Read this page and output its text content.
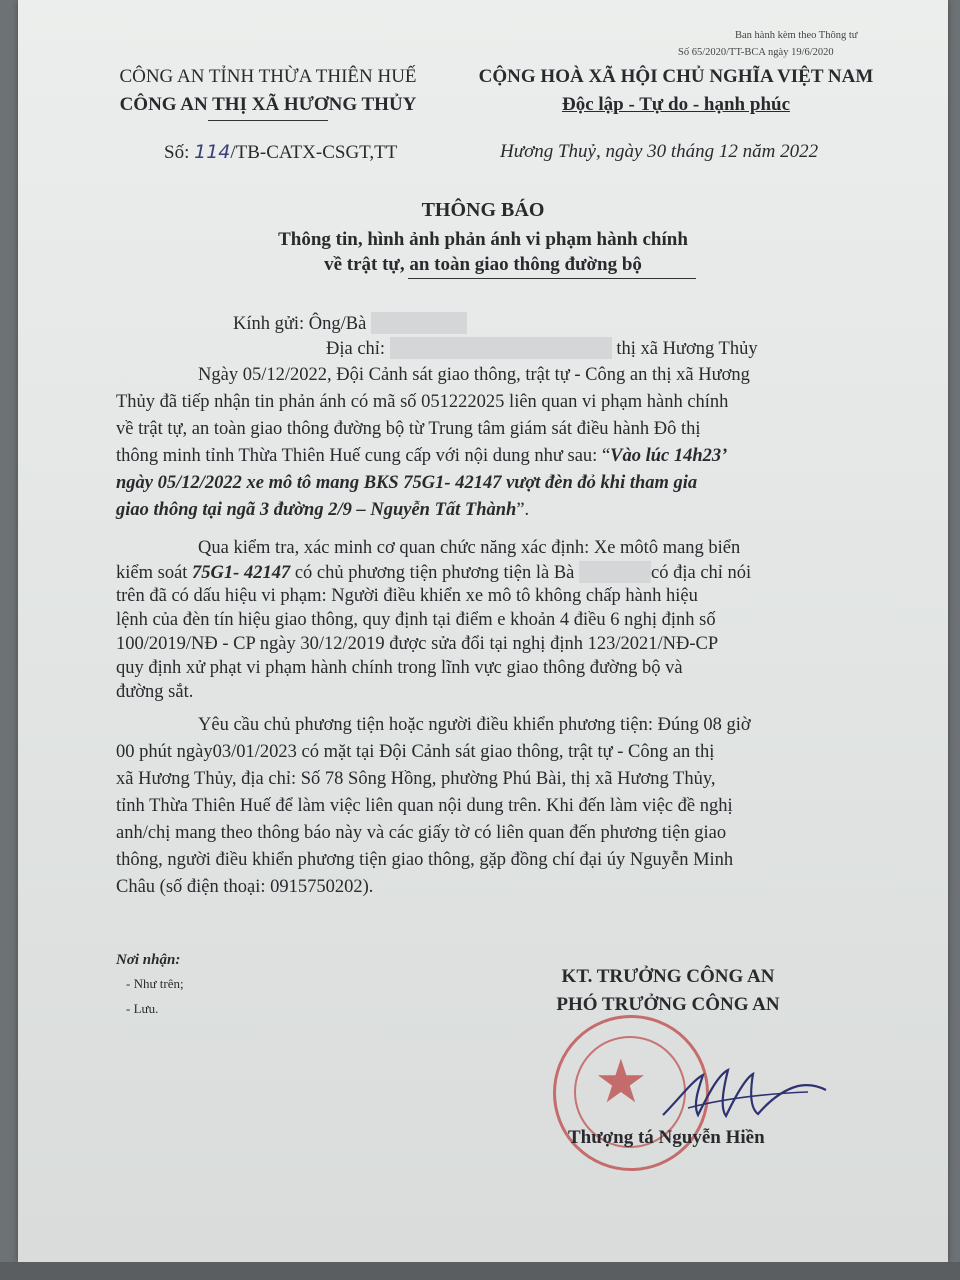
Ban hành kèm theo Thông tư
Số 65/2020/TT-BCA ngày 19/6/2020
CÔNG AN TỈNH THỪA THIÊN HUẾ
CÔNG AN THỊ XÃ HƯƠNG THỦY
Số: 114/TB-CATX-CSGT,TT
CỘNG HOÀ XÃ HỘI CHỦ NGHĨA VIỆT NAM
Độc lập - Tự do - hạnh phúc
Hương Thuỷ, ngày 30 tháng 12 năm 2022
THÔNG BÁO
Thông tin, hình ảnh phản ánh vi phạm hành chính
về trật tự, an toàn giao thông đường bộ
Kính gửi: Ông/Bà
Địa chỉ:	thị xã Hương Thủy
Ngày 05/12/2022, Đội Cảnh sát giao thông, trật tự - Công an thị xã Hương
Thủy đã tiếp nhận tin phản ánh có mã số 051222025 liên quan vi phạm hành chính
về trật tự, an toàn giao thông đường bộ từ Trung tâm giám sát điều hành Đô thị
thông minh tỉnh Thừa Thiên Huế cung cấp với nội dung như sau: “Vào lúc 14h23’
ngày 05/12/2022 xe mô tô mang BKS 75G1- 42147 vượt đèn đỏ khi tham gia
giao thông tại ngã 3 đường 2/9 – Nguyễn Tất Thành”.
Qua kiểm tra, xác minh cơ quan chức năng xác định: Xe môtô mang biển
kiểm soát 75G1- 42147 có chủ phương tiện phương tiện là Bà	có địa chỉ nói
trên đã có dấu hiệu vi phạm: Người điều khiển xe mô tô không chấp hành hiệu
lệnh của đèn tín hiệu giao thông, quy định tại điểm e khoản 4 điều 6 nghị định số
100/2019/NĐ - CP ngày 30/12/2019 được sửa đổi tại nghị định 123/2021/NĐ-CP
quy định xử phạt vi phạm hành chính trong lĩnh vực giao thông đường bộ và
đường sắt.
Yêu cầu chủ phương tiện hoặc người điều khiển phương tiện: Đúng 08 giờ
00 phút ngày03/01/2023 có mặt tại Đội Cảnh sát giao thông, trật tự - Công an thị
xã Hương Thủy, địa chỉ: Số 78 Sông Hồng, phường Phú Bài, thị xã Hương Thủy,
tỉnh Thừa Thiên Huế để làm việc liên quan nội dung trên. Khi đến làm việc đề nghị
anh/chị mang theo thông báo này và các giấy tờ có liên quan đến phương tiện giao
thông, người điều khiển phương tiện giao thông, gặp đồng chí đại úy Nguyễn Minh
Châu (số điện thoại: 0915750202).
Nơi nhận:
- Như trên;
- Lưu.
KT. TRƯỞNG CÔNG AN
PHÓ TRƯỞNG CÔNG AN
★
Thượng tá Nguyễn Hiền
